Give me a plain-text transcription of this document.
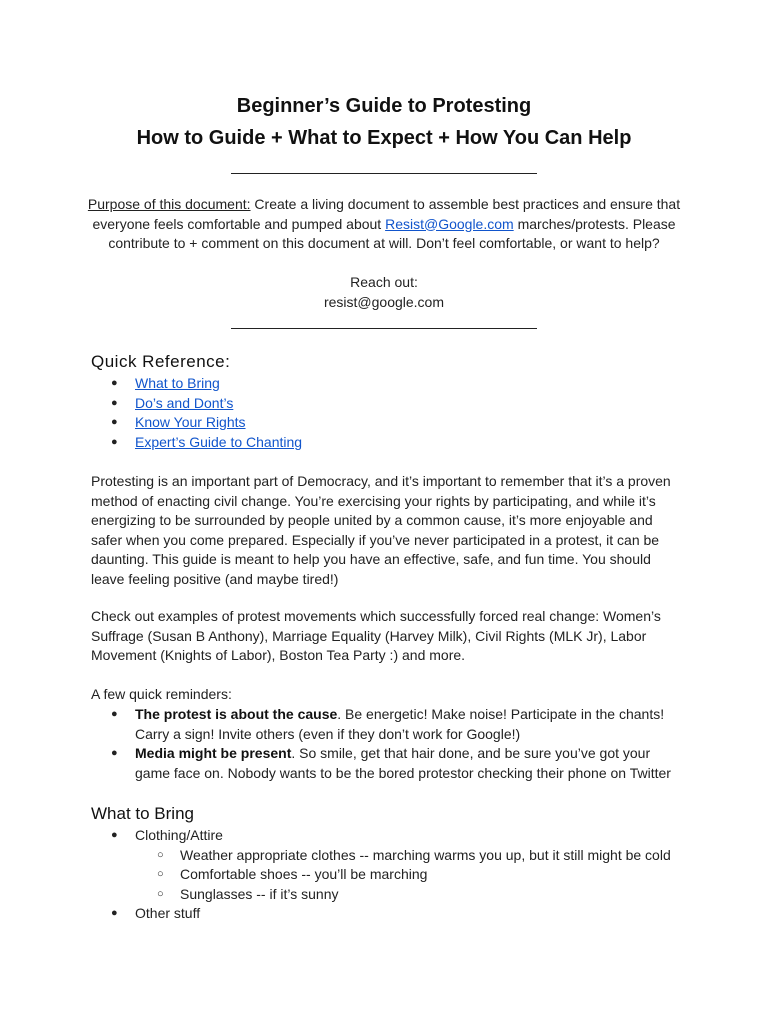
Beginner’s Guide to Protesting
How to Guide + What to Expect + How You Can Help
Purpose of this document: Create a living document to assemble best practices and ensure that everyone feels comfortable and pumped about Resist@Google.com marches/protests. Please contribute to + comment on this document at will. Don’t feel comfortable, or want to help?
Reach out:
resist@google.com
Quick Reference:
● What to Bring
● Do’s and Dont’s
● Know Your Rights
● Expert’s Guide to Chanting
Protesting is an important part of Democracy, and it’s important to remember that it’s a proven method of enacting civil change. You’re exercising your rights by participating, and while it’s energizing to be surrounded by people united by a common cause, it’s more enjoyable and safer when you come prepared. Especially if you’ve never participated in a protest, it can be daunting. This guide is meant to help you have an effective, safe, and fun time. You should leave feeling positive (and maybe tired!)
Check out examples of protest movements which successfully forced real change: Women’s Suffrage (Susan B Anthony), Marriage Equality (Harvey Milk), Civil Rights (MLK Jr), Labor Movement (Knights of Labor), Boston Tea Party :) and more.
A few quick reminders:
● The protest is about the cause. Be energetic! Make noise! Participate in the chants! Carry a sign! Invite others (even if they don’t work for Google!)
● Media might be present. So smile, get that hair done, and be sure you’ve got your game face on. Nobody wants to be the bored protestor checking their phone on Twitter
What to Bring
● Clothing/Attire
○ Weather appropriate clothes -- marching warms you up, but it still might be cold
○ Comfortable shoes -- you’ll be marching
○ Sunglasses -- if it’s sunny
● Other stuff
